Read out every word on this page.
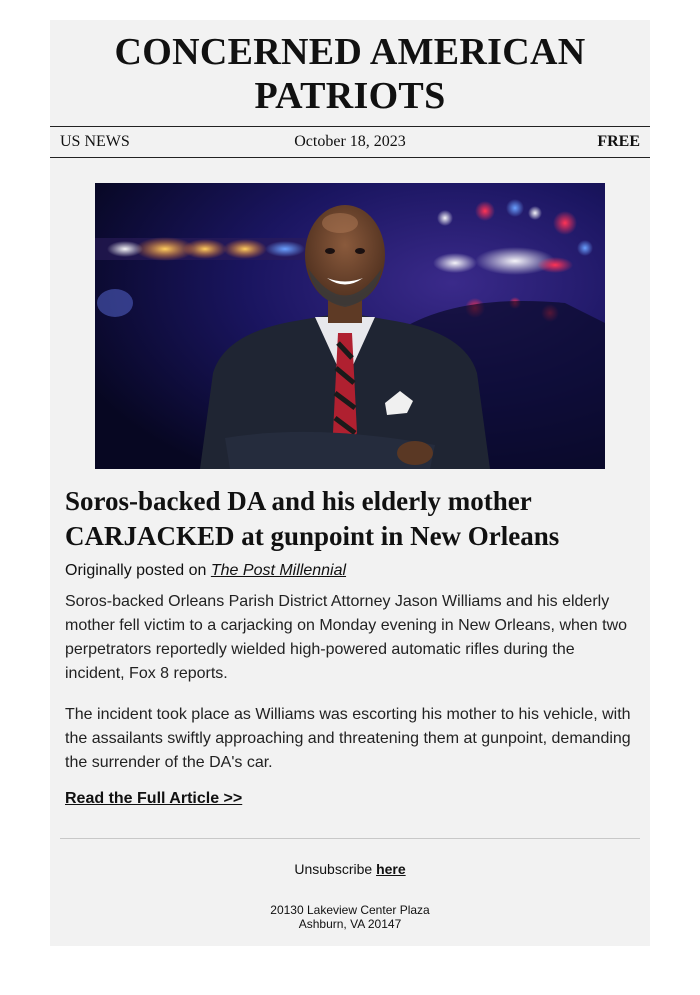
CONCERNED AMERICAN
PATRIOTS
US NEWS	October 18, 2023	FREE
Soros-backed DA and his elderly mother CARJACKED at gunpoint in New Orleans
Originally posted on The Post Millennial

Soros-backed Orleans Parish District Attorney Jason Williams and his elderly mother fell victim to a carjacking on Monday evening in New Orleans, when two perpetrators reportedly wielded high-powered automatic rifles during the incident, Fox 8 reports.

The incident took place as Williams was escorting his mother to his vehicle, with the assailants swiftly approaching and threatening them at gunpoint, demanding the surrender of the DA's car.

Read the Full Article >>
Unsubscribe here
20130 Lakeview Center Plaza
Ashburn, VA 20147
